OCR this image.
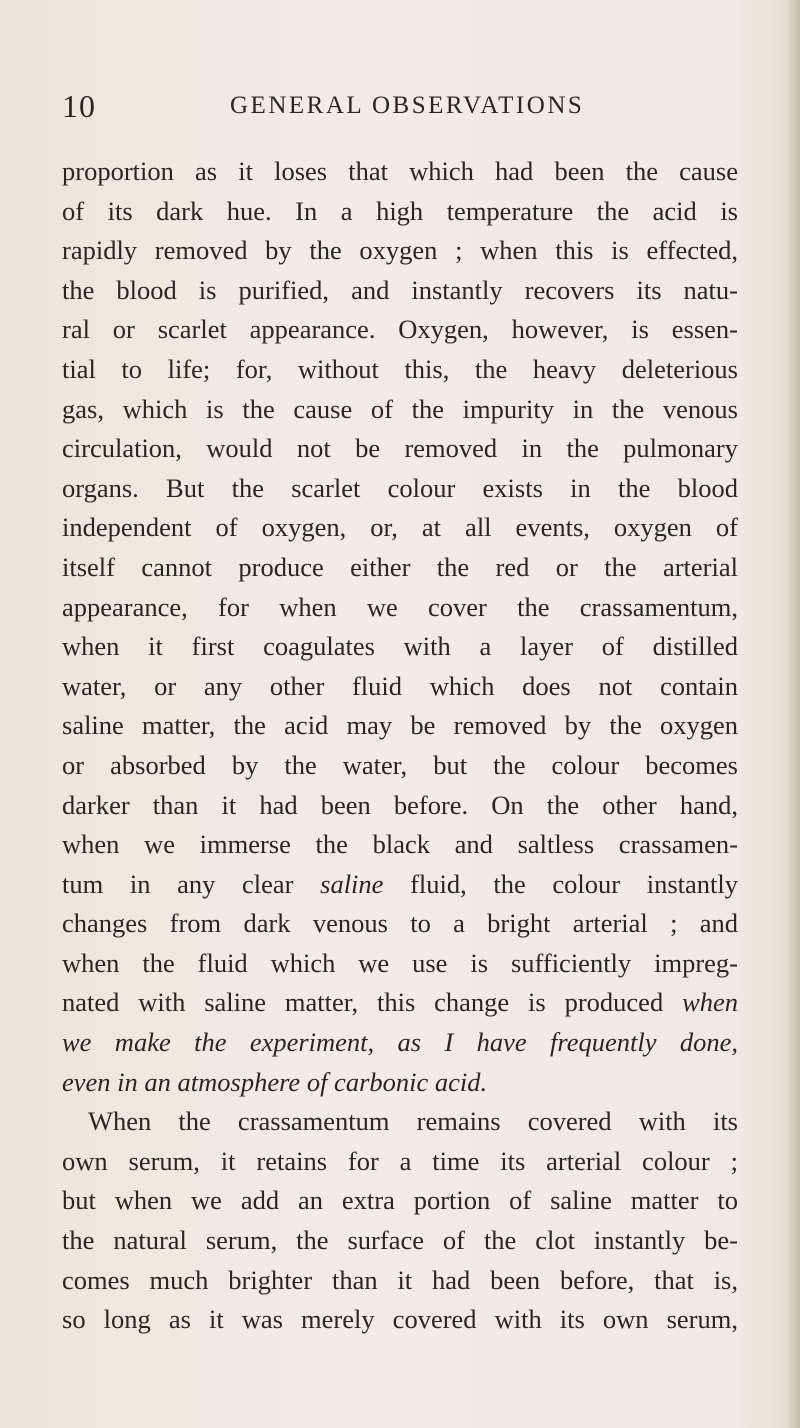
10	GENERAL OBSERVATIONS
proportion as it loses that which had been the cause
of its dark hue. In a high temperature the acid is
rapidly removed by the oxygen ; when this is effected,
the blood is purified, and instantly recovers its natu-
ral or scarlet appearance. Oxygen, however, is essen-
tial to life; for, without this, the heavy deleterious
gas, which is the cause of the impurity in the venous
circulation, would not be removed in the pulmonary
organs. But the scarlet colour exists in the blood
independent of oxygen, or, at all events, oxygen of
itself cannot produce either the red or the arterial
appearance, for when we cover the crassamentum,
when it first coagulates with a layer of distilled
water, or any other fluid which does not contain
saline matter, the acid may be removed by the oxygen
or absorbed by the water, but the colour becomes
darker than it had been before. On the other hand,
when we immerse the black and saltless crassamen-
tum in any clear saline fluid, the colour instantly
changes from dark venous to a bright arterial ; and
when the fluid which we use is sufficiently impreg-
nated with saline matter, this change is produced when
we make the experiment, as I have frequently done,
even in an atmosphere of carbonic acid.
When the crassamentum remains covered with its
own serum, it retains for a time its arterial colour ;
but when we add an extra portion of saline matter to
the natural serum, the surface of the clot instantly be-
comes much brighter than it had been before, that is,
so long as it was merely covered with its own serum,
